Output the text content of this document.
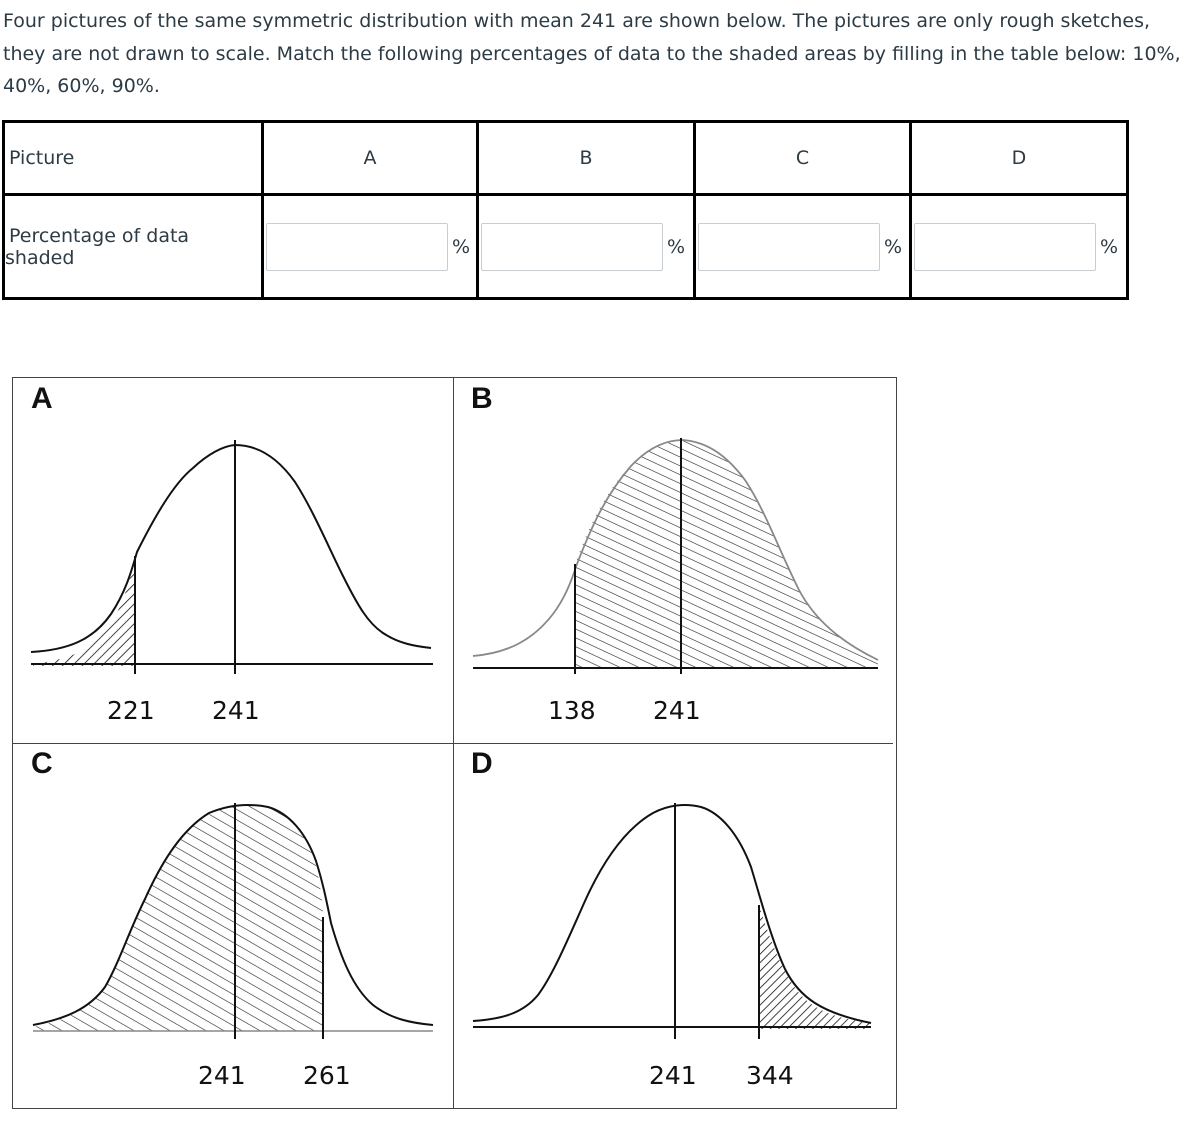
Four pictures of the same symmetric distribution with mean 241 are shown below. The pictures are only rough sketches, they are not drawn to scale. Match the following percentages of data to the shaded areas by filling in the table below: 10%, 40%, 60%, 90%.

Picture	A	B	C	D
Percentage of data shaded	%	%	%	%
A
221 241
B
138 241
C
241 261
D
241 344
